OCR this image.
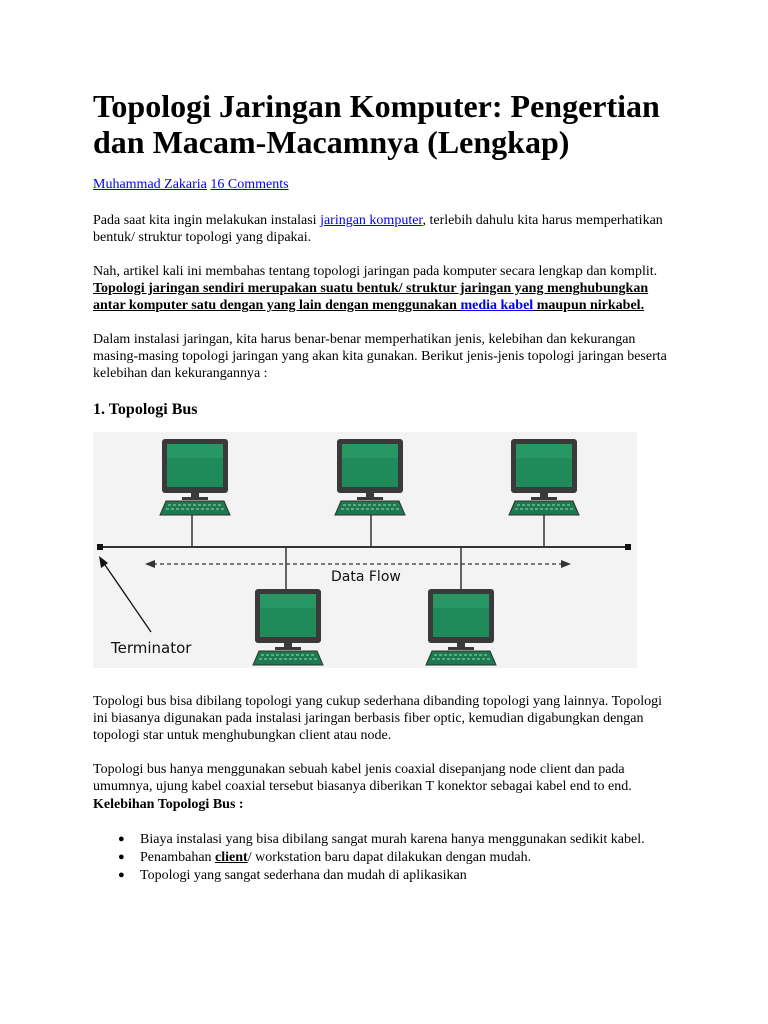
Topologi Jaringan Komputer: Pengertian dan Macam-Macamnya (Lengkap)
Muhammad Zakaria 16 Comments

Pada saat kita ingin melakukan instalasi jaringan komputer, terlebih dahulu kita harus memperhatikan bentuk/ struktur topologi yang dipakai.

Nah, artikel kali ini membahas tentang topologi jaringan pada komputer secara lengkap dan komplit. Topologi jaringan sendiri merupakan suatu bentuk/ struktur jaringan yang menghubungkan antar komputer satu dengan yang lain dengan menggunakan media kabel maupun nirkabel.

Dalam instalasi jaringan, kita harus benar-benar memperhatikan jenis, kelebihan dan kekurangan masing-masing topologi jaringan yang akan kita gunakan. Berikut jenis-jenis topologi jaringan beserta kelebihan dan kekurangannya :

1. Topologi Bus
Data Flow
Terminator

Topologi bus bisa dibilang topologi yang cukup sederhana dibanding topologi yang lainnya. Topologi ini biasanya digunakan pada instalasi jaringan berbasis fiber optic, kemudian digabungkan dengan topologi star untuk menghubungkan client atau node.

Topologi bus hanya menggunakan sebuah kabel jenis coaxial disepanjang node client dan pada umumnya, ujung kabel coaxial tersebut biasanya diberikan T konektor sebagai kabel end to end.

Kelebihan Topologi Bus :

● Biaya instalasi yang bisa dibilang sangat murah karena hanya menggunakan sedikit kabel.
● Penambahan client/ workstation baru dapat dilakukan dengan mudah.
● Topologi yang sangat sederhana dan mudah di aplikasikan
